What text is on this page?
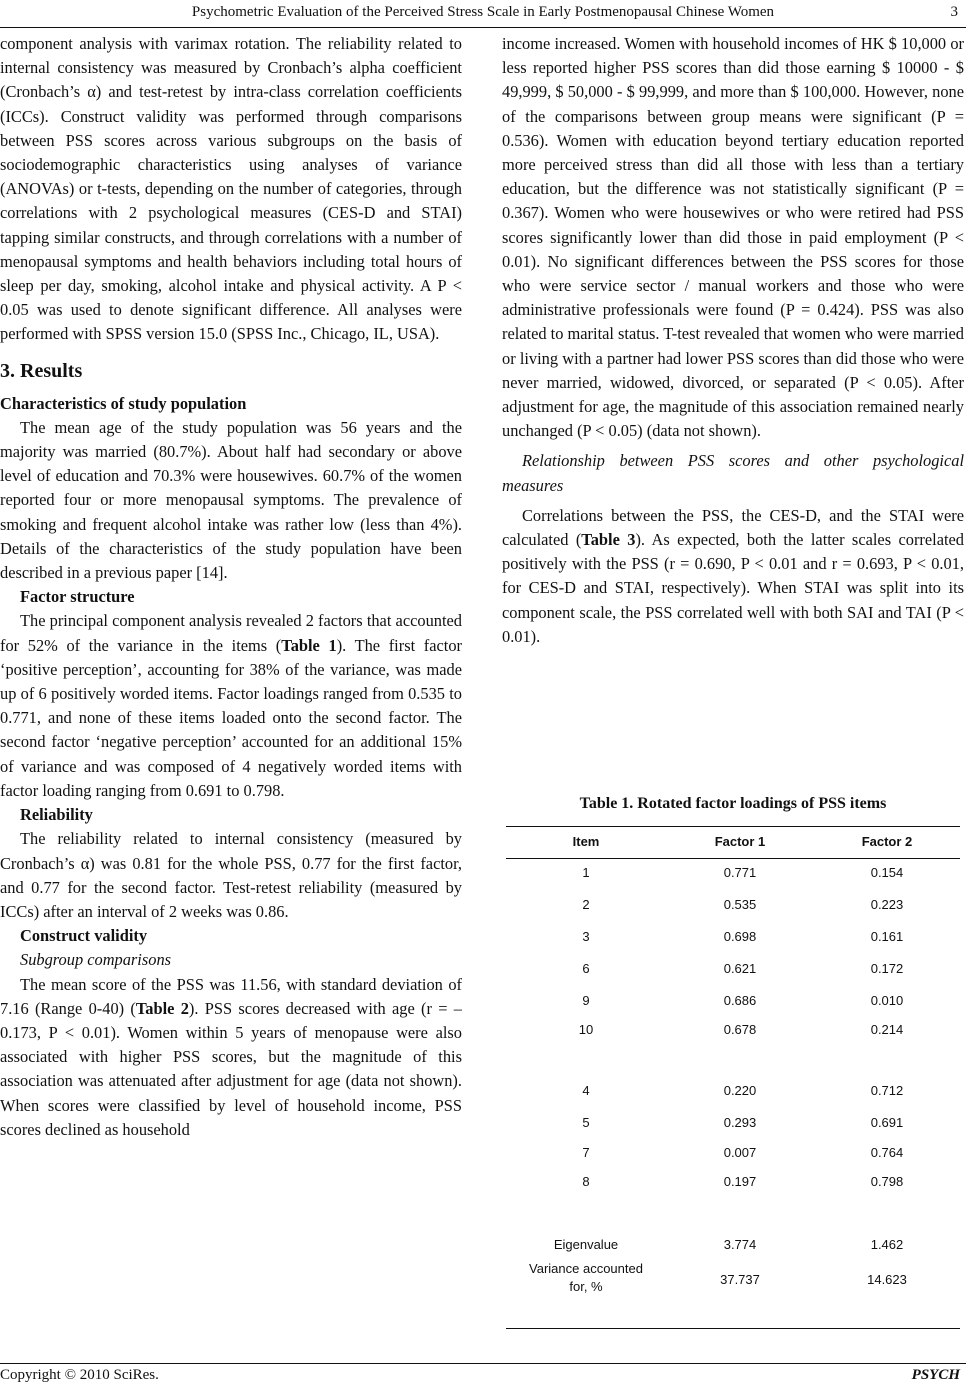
Psychometric Evaluation of the Perceived Stress Scale in Early Postmenopausal Chinese Women	3

component analysis with varimax rotation. The reliability related to internal consistency was measured by Cronbach’s alpha coefficient (Cronbach’s α) and test-retest by intra-class correlation coefficients (ICCs). Construct validity was performed through comparisons between PSS scores across various subgroups on the basis of sociodemographic characteristics using analyses of variance (ANOVAs) or t-tests, depending on the number of categories, through correlations with 2 psychological measures (CES-D and STAI) tapping similar constructs, and through correlations with a number of menopausal symptoms and health behaviors including total hours of sleep per day, smoking, alcohol intake and physical activity. A P < 0.05 was used to denote significant difference. All analyses were performed with SPSS version 15.0 (SPSS Inc., Chicago, IL, USA).

3. Results

Characteristics of study population

The mean age of the study population was 56 years and the majority was married (80.7%). About half had secondary or above level of education and 70.3% were housewives. 60.7% of the women reported four or more menopausal symptoms. The prevalence of smoking and frequent alcohol intake was rather low (less than 4%). Details of the characteristics of the study population have been described in a previous paper [14].

Factor structure

The principal component analysis revealed 2 factors that accounted for 52% of the variance in the items (Table 1). The first factor ‘positive perception’, accounting for 38% of the variance, was made up of 6 positively worded items. Factor loadings ranged from 0.535 to 0.771, and none of these items loaded onto the second factor. The second factor ‘negative perception’ accounted for an additional 15% of variance and was composed of 4 negatively worded items with factor loading ranging from 0.691 to 0.798.

Reliability

The reliability related to internal consistency (measured by Cronbach’s α) was 0.81 for the whole PSS, 0.77 for the first factor, and 0.77 for the second factor. Test-retest reliability (measured by ICCs) after an interval of 2 weeks was 0.86.

Construct validity

Subgroup comparisons

The mean score of the PSS was 11.56, with standard deviation of 7.16 (Range 0-40) (Table 2). PSS scores decreased with age (r = –0.173, P < 0.01). Women within 5 years of menopause were also associated with higher PSS scores, but the magnitude of this association was attenuated after adjustment for age (data not shown). When scores were classified by level of household income, PSS scores declined as household

income increased. Women with household incomes of HK $ 10,000 or less reported higher PSS scores than did those earning $ 10000 - $ 49,999, $ 50,000 - $ 99,999, and more than $ 100,000. However, none of the comparisons between group means were significant (P = 0.536). Women with education beyond tertiary education reported more perceived stress than did all those with less than a tertiary education, but the difference was not statistically significant (P = 0.367). Women who were housewives or who were retired had PSS scores significantly lower than did those in paid employment (P < 0.01). No significant differences between the PSS scores for those who were service sector / manual workers and those who were administrative professionals were found (P = 0.424). PSS was also related to marital status. T-test revealed that women who were married or living with a partner had lower PSS scores than did those who were never married, widowed, divorced, or separated (P < 0.05). After adjustment for age, the magnitude of this association remained nearly unchanged (P < 0.05) (data not shown).

Relationship between PSS scores and other psychological measures

Correlations between the PSS, the CES-D, and the STAI were calculated (Table 3). As expected, both the latter scales correlated positively with the PSS (r = 0.690, P < 0.01 and r = 0.693, P < 0.01, for CES-D and STAI, respectively). When STAI was split into its component scale, the PSS correlated well with both SAI and TAI (P < 0.01).

Table 1. Rotated factor loadings of PSS items
Item	Factor 1	Factor 2
1	0.771	0.154
2	0.535	0.223
3	0.698	0.161
6	0.621	0.172
9	0.686	0.010
10	0.678	0.214
4	0.220	0.712
5	0.293	0.691
7	0.007	0.764
8	0.197	0.798
Eigenvalue	3.774	1.462
Variance accounted for, %	37.737	14.623
Copyright © 2010 SciRes.	PSYCH
